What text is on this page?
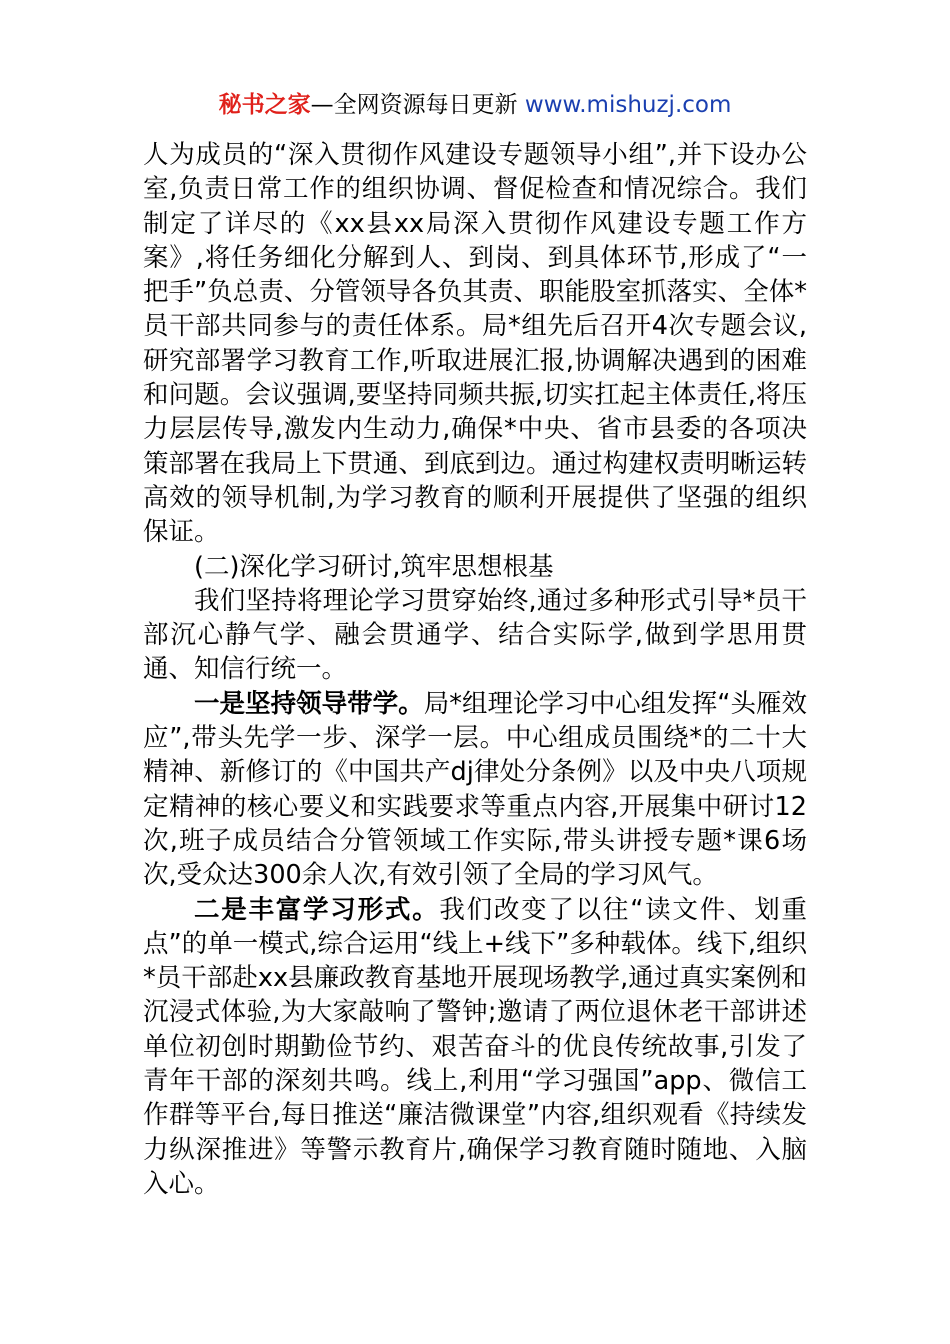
秘书之家—全网资源每日更新 www.mishuzj.com

人为成员的“深入贯彻作风建设专题领导小组”,并下设办公室,负责日常工作的组织协调、督促检查和情况综合。我们制定了详尽的《xx县xx局深入贯彻作风建设专题工作方案》,将任务细化分解到人、到岗、到具体环节,形成了“一把手”负总责、分管领导各负其责、职能股室抓落实、全体*员干部共同参与的责任体系。局*组先后召开4次专题会议,研究部署学习教育工作,听取进展汇报,协调解决遇到的困难和问题。会议强调,要坚持同频共振,切实扛起主体责任,将压力层层传导,激发内生动力,确保*中央、省市县委的各项决策部署在我局上下贯通、到底到边。通过构建权责明晰运转高效的领导机制,为学习教育的顺利开展提供了坚强的组织保证。

(二)深化学习研讨,筑牢思想根基

我们坚持将理论学习贯穿始终,通过多种形式引导*员干部沉心静气学、融会贯通学、结合实际学,做到学思用贯通、知信行统一。

一是坚持领导带学。局*组理论学习中心组发挥“头雁效应”,带头先学一步、深学一层。中心组成员围绕*的二十大精神、新修订的《中国共产dj律处分条例》以及中央八项规定精神的核心要义和实践要求等重点内容,开展集中研讨12次,班子成员结合分管领域工作实际,带头讲授专题*课6场次,受众达300余人次,有效引领了全局的学习风气。

二是丰富学习形式。我们改变了以往“读文件、划重点”的单一模式,综合运用“线上+线下”多种载体。线下,组织*员干部赴xx县廉政教育基地开展现场教学,通过真实案例和沉浸式体验,为大家敲响了警钟;邀请了两位退休老干部讲述单位初创时期勤俭节约、艰苦奋斗的优良传统故事,引发了青年干部的深刻共鸣。线上,利用“学习强国”app、微信工作群等平台,每日推送“廉洁微课堂”内容,组织观看《持续发力纵深推进》等警示教育片,确保学习教育随时随地、入脑入心。
